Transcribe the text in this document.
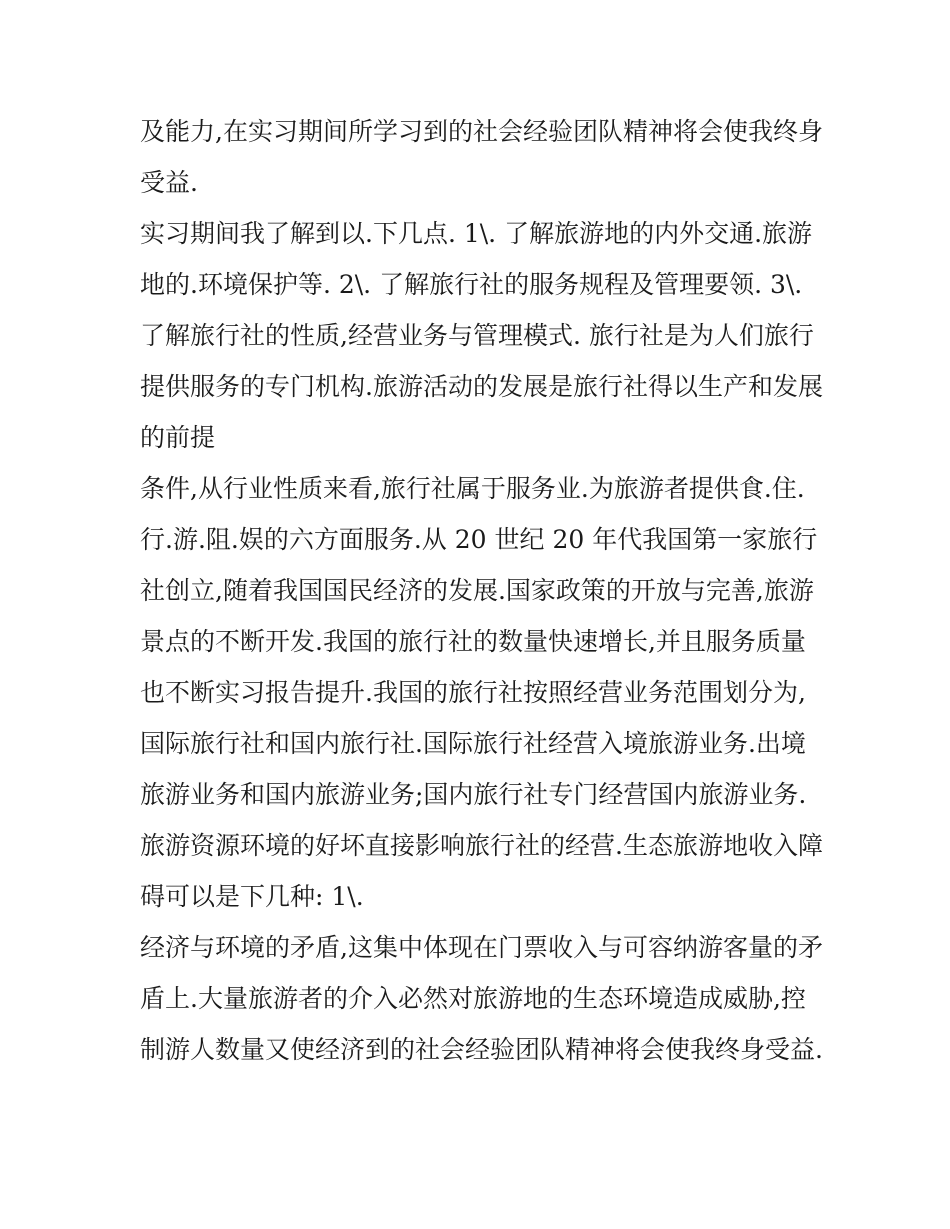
及能力,在实习期间所学习到的社会经验团队精神将会使我终身受益.

实习期间我了解到以.下几点. 1\. 了解旅游地的内外交通.旅游地的.环境保护等. 2\. 了解旅行社的服务规程及管理要领. 3\. 了解旅行社的性质,经营业务与管理模式. 旅行社是为人们旅行提供服务的专门机构.旅游活动的发展是旅行社得以生产和发展的前提

条件,从行业性质来看,旅行社属于服务业.为旅游者提供食.住.行.游.阻.娱的六方面服务.从 20 世纪 20 年代我国第一家旅行社创立,随着我国国民经济的发展.国家政策的开放与完善,旅游景点的不断开发.我国的旅行社的数量快速增长,并且服务质量也不断实习报告提升.我国的旅行社按照经营业务范围划分为,国际旅行社和国内旅行社.国际旅行社经营入境旅游业务.出境旅游业务和国内旅游业务;国内旅行社专门经营国内旅游业务.

旅游资源环境的好坏直接影响旅行社的经营.生态旅游地收入障碍可以是下几种: 1\.

经济与环境的矛盾,这集中体现在门票收入与可容纳游客量的矛盾上.大量旅游者的介入必然对旅游地的生态环境造成威胁,控制游人数量又使经济到的社会经验团队精神将会使我终身受益.
